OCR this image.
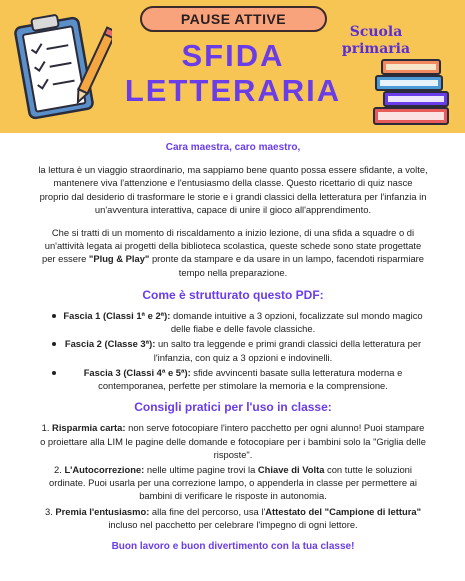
PAUSE ATTIVE
SFIDA
LETTERARIA
Scuola
primaria

Cara maestra, caro maestro,

la lettura è un viaggio straordinario, ma sappiamo bene quanto possa essere sfidante, a volte, mantenere viva l'attenzione e l'entusiasmo della classe. Questo ricettario di quiz nasce proprio dal desiderio di trasformare le storie e i grandi classici della letteratura per l'infanzia in un'avventura interattiva, capace di unire il gioco all'apprendimento.

Che si tratti di un momento di riscaldamento a inizio lezione, di una sfida a squadre o di un'attività legata ai progetti della biblioteca scolastica, queste schede sono state progettate per essere "Plug & Play" pronte da stampare e da usare in un lampo, facendoti risparmiare tempo nella preparazione.

Come è strutturato questo PDF:
Fascia 1 (Classi 1ª e 2ª): domande intuitive a 3 opzioni, focalizzate sul mondo magico delle fiabe e delle favole classiche.
Fascia 2 (Classe 3ª): un salto tra leggende e primi grandi classici della letteratura per l'infanzia, con quiz a 3 opzioni e indovinelli.
Fascia 3 (Classi 4ª e 5ª): sfide avvincenti basate sulla letteratura moderna e contemporanea, perfette per stimolare la memoria e la comprensione.
Consigli pratici per l'uso in classe:
1. Risparmia carta: non serve fotocopiare l'intero pacchetto per ogni alunno! Puoi stampare o proiettare alla LIM le pagine delle domande e fotocopiare per i bambini solo la "Griglia delle risposte".
2. L'Autocorrezione: nelle ultime pagine trovi la Chiave di Volta con tutte le soluzioni ordinate. Puoi usarla per una correzione lampo, o appenderla in classe per permettere ai bambini di verificare le risposte in autonomia.
3. Premia l'entusiasmo: alla fine del percorso, usa l'Attestato del "Campione di lettura" incluso nel pacchetto per celebrare l'impegno di ogni lettore.
Buon lavoro e buon divertimento con la tua classe!
